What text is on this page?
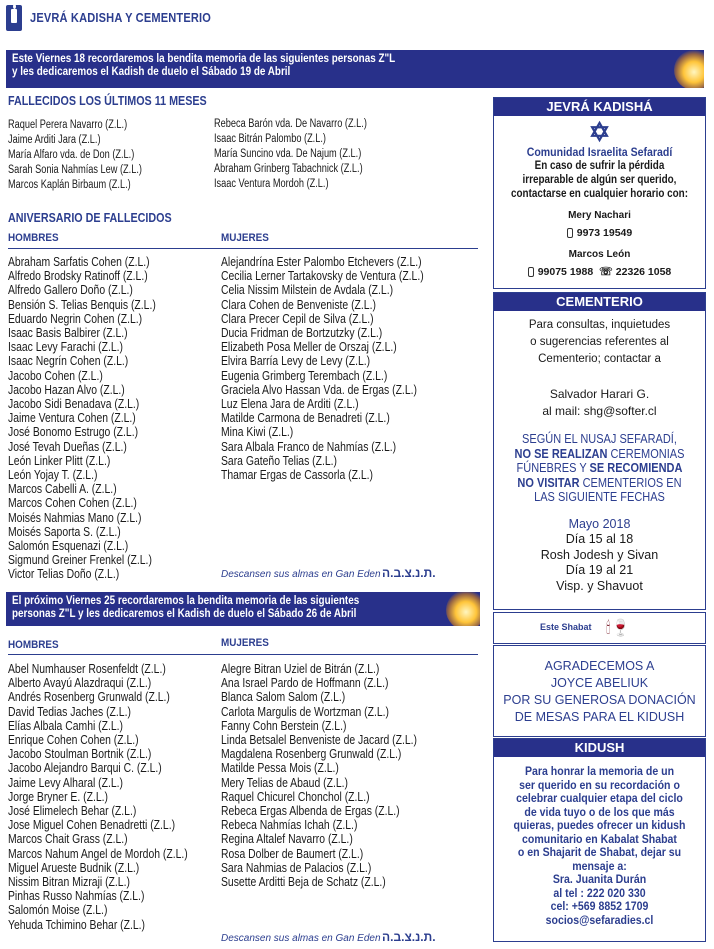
JEVRÁ KADISHA Y CEMENTERIO
Este Viernes 18 recordaremos la bendita memoria de las siguientes personas Z"L
y les dedicaremos el Kadish de duelo el Sábado 19 de Abril
FALLECIDOS LOS ÚLTIMOS 11 MESES
Raquel Perera Navarro (Z.L.)
Jaime Arditi Jara (Z.L.)
María Alfaro vda. de Don (Z.L.)
Sarah Sonia Nahmías Lew (Z.L.)
Marcos Kaplán Birbaum (Z.L.)
Rebeca Barón vda. De Navarro (Z.L.)
Isaac Bitrán Palombo (Z.L.)
María Suncino vda. De Najum (Z.L.)
Abraham Grinberg Tabachnick (Z.L.)
Isaac Ventura Mordoh (Z.L.)
ANIVERSARIO DE FALLECIDOS
HOMBRES	MUJERES
Abraham Sarfatis Cohen (Z.L.)
Alfredo Brodsky Ratinoff (Z.L.)
Alfredo Gallero Doño (Z.L.)
Bensión S. Telias Benquis (Z.L.)
Eduardo Negrin Cohen (Z.L.)
Isaac Basis Balbirer (Z.L.)
Isaac Levy Farachi (Z.L.)
Isaac Negrín Cohen (Z.L.)
Jacobo Cohen (Z.L.)
Jacobo Hazan Alvo (Z.L.)
Jacobo Sidi Benadava (Z.L.)
Jaime Ventura Cohen (Z.L.)
José Bonomo Estrugo (Z.L.)
José Tevah Dueñas (Z.L.)
León Linker Plitt (Z.L.)
León Yojay T. (Z.L.)
Marcos Cabelli A. (Z.L.)
Marcos Cohen Cohen (Z.L.)
Moisés Nahmias Mano (Z.L.)
Moisés Saporta S. (Z.L.)
Salomón Esquenazi (Z.L.)
Sigmund Greiner Frenkel (Z.L.)
Victor Telias Doño (Z.L.)
Alejandrína Ester Palombo Etchevers (Z.L.)
Cecilia Lerner Tartakovsky de Ventura (Z.L.)
Celia Nissim Milstein de Avdala (Z.L.)
Clara Cohen de Benveniste (Z.L.)
Clara Precer Cepil de Silva (Z.L.)
Ducia Fridman de Bortzutzky (Z.L.)
Elizabeth Posa Meller de Orszaj (Z.L.)
Elvira Barría Levy de Levy (Z.L.)
Eugenia Grimberg Terembach (Z.L.)
Graciela Alvo Hassan Vda. de Ergas (Z.L.)
Luz Elena Jara de Arditi (Z.L.)
Matilde Carmona de Benadreti (Z.L.)
Mina Kiwi (Z.L.)
Sara Albala Franco de Nahmías (Z.L.)
Sara Gateño Telias (Z.L.)
Thamar Ergas de Cassorla (Z.L.)
Descansen sus almas en Gan Eden ת.נ.צ.ב.ה.
El próximo Viernes 25 recordaremos la bendita memoria de las siguientes
personas Z"L y les dedicaremos el Kadish de duelo el Sábado 26 de Abril
HOMBRES	MUJERES
Abel Numhauser Rosenfeldt (Z.L.)
Alberto Avayú Alazdraqui (Z.L.)
Andrés Rosenberg Grunwald (Z.L.)
David Tedias Jaches (Z.L.)
Elías Albala Camhi (Z.L.)
Enrique Cohen Cohen (Z.L.)
Jacobo Stoulman Bortnik (Z.L.)
Jacobo Alejandro Barqui C. (Z.L.)
Jaime Levy Alharal (Z.L.)
Jorge Bryner E. (Z.L.)
José Elimelech Behar (Z.L.)
Jose Miguel Cohen Benadretti (Z.L.)
Marcos Chait Grass (Z.L.)
Marcos Nahum Angel de Mordoh (Z.L.)
Miguel Arueste Budnik (Z.L.)
Nissim Bitran Mizraji (Z.L.)
Pinhas Russo Nahmías (Z.L.)
Salomón Moise (Z.L.)
Yehuda Tchimino Behar (Z.L.)
Alegre Bitran Uziel de Bitrán (Z.L.)
Ana Israel Pardo de Hoffmann (Z.L.)
Blanca Salom Salom (Z.L.)
Carlota Margulis de Wortzman (Z.L.)
Fanny Cohn Berstein (Z.L.)
Linda Betsalel Benveniste de Jacard (Z.L.)
Magdalena Rosenberg Grunwald (Z.L.)
Matilde Pessa Mois (Z.L.)
Mery Telias de Abaud (Z.L.)
Raquel Chicurel Chonchol (Z.L.)
Rebeca Ergas Albenda de Ergas (Z.L.)
Rebeca Nahmías Ichah (Z.L.)
Regina Altalef Navarro (Z.L.)
Rosa Dolber de Baumert (Z.L.)
Sara Nahmias de Palacios (Z.L.)
Susette Arditti Beja de Schatz (Z.L.)
Descansen sus almas en Gan Eden ת.נ.צ.ב.ה.
JEVRÁ KADISHÁ
✡
Comunidad Israelita Sefaradí
En caso de sufrir la pérdida
irreparable de algún ser querido,
contactarse en cualquier horario con:
Mery Nachari
9973 19549
Marcos León
99075 1988 ☏ 22326 1058
CEMENTERIO
Para consultas, inquietudes
o sugerencias referentes al
Cementerio; contactar a
Salvador Harari G.
al mail: shg@softer.cl
SEGÚN EL NUSAJ SEFARADÍ,
NO SE REALIZAN CEREMONIAS
FÚNEBRES Y SE RECOMIENDA
NO VISITAR CEMENTERIOS EN
LAS SIGUIENTE FECHAS
Mayo 2018
Día 15 al 18
Rosh Jodesh y Sivan
Día 19 al 21
Visp. y Shavuot
Este Shabat 🕯🍷
AGRADECEMOS A
JOYCE ABELIUK
POR SU GENEROSA DONACIÓN
DE MESAS PARA EL KIDUSH
KIDUSH
Para honrar la memoria de un
ser querido en su recordación o
celebrar cualquier etapa del ciclo
de vida tuyo o de los que más
quieras, puedes ofrecer un kidush
comunitario en Kabalat Shabat
o en Shajarit de Shabat, dejar su
mensaje a:
Sra. Juanita Durán
al tel : 222 020 330
cel: +569 8852 1709
socios@sefaradies.cl
